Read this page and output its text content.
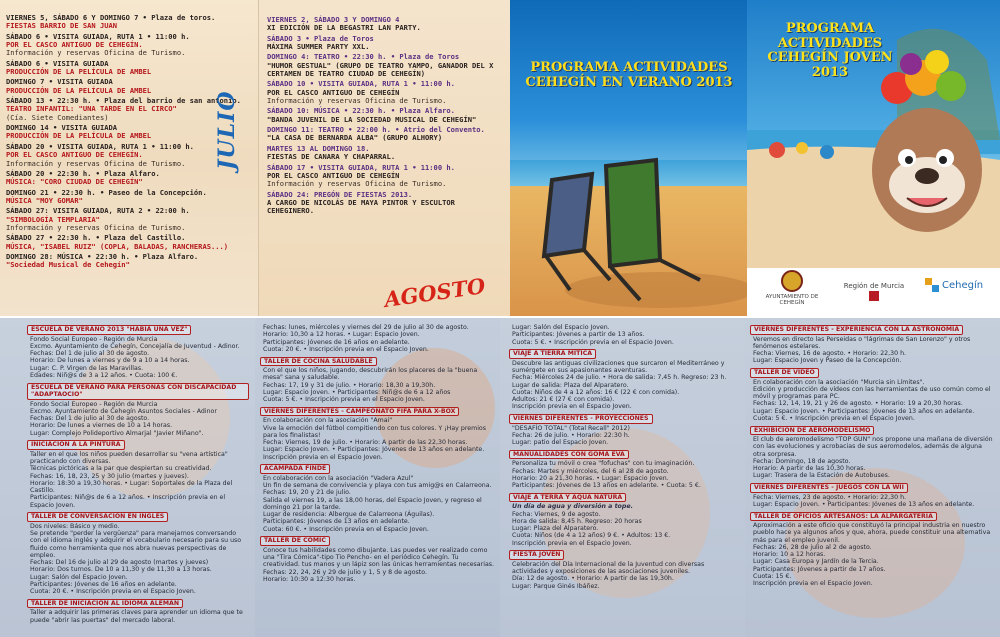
VIERNES 5, SÁBADO 6 Y DOMINGO 7 • Plaza de toros.
FIESTAS BARRIO DE SAN JUAN
SÁBADO 6 • VISITA GUIADA, RUTA 1 • 11:00 h.
POR EL CASCO ANTIGUO DE CEHEGÍN.
Información y reservas Oficina de Turismo.
SÁBADO 6 • VISITA GUIADA
PRODUCCIÓN DE LA PELÍCULA DE AMBEL
DOMINGO 7 • VISITA GUIADA
PRODUCCIÓN DE LA PELÍCULA DE AMBEL
SÁBADO 13 • 22:30 h. • Plaza del barrio de san antonio.
TEATRO INFANTIL: "UNA TARDE EN EL CIRCO"
(Cía. Siete Comediantes)
DOMINGO 14 • VISITA GUIADA
PRODUCCIÓN DE LA PELÍCULA DE AMBEL
SÁBADO 20 • VISITA GUIADA, RUTA 1 • 11:00 h.
POR EL CASCO ANTIGUO DE CEHEGÍN.
Información y reservas Oficina de Turismo.
SÁBADO 20 • 22:30 h. • Plaza Alfaro.
MÚSICA: "CORO CIUDAD DE CEHEGÍN"
DOMINGO 21 • 22:30 h. • Paseo de la Concepción.
MÚSICA "MOY GOMAR"
SÁBADO 27: VISITA GUIADA, RUTA 2 • 22:00 h.
"SIMBOLOGÍA TEMPLARIA"
Información y reservas Oficina de Turismo.
SÁBADO 27 • 22:30 h. • Plaza del Castillo.
MÚSICA, "ISABEL RUIZ" (COPLA, BALADAS, RANCHERAS...)
DOMINGO 28: MÚSICA • 22:30 h. • Plaza Alfaro.
"Sociedad Musical de Cehegín"
VIERNES 2, SÁBADO 3 Y DOMINGO 4
XI EDICIÓN DE LA BEGASTRI LAN PARTY.
SÁBADO 3 • Plaza de Toros
MÁXIMA SUMMER PARTY XXL.
DOMINGO 4: TEATRO • 22:30 h. • Plaza de Toros
"HUMOR GESTUAL" (GRUPO DE TEATRO YAMPO, GANADOR DEL X CERTAMEN DE TEATRO CIUDAD DE CEHEGÍN)
SÁBADO 10 • VISITA GUIADA, RUTA 1 • 11:00 h.
POR EL CASCO ANTIGUO DE CEHEGÍN
Información y reservas Oficina de Turismo.
SÁBADO 10: MÚSICA • 22:30 h. • Plaza Alfaro.
"BANDA JUVENIL DE LA SOCIEDAD MUSICAL DE CEHEGÍN"
DOMINGO 11: TEATRO • 22:00 h. • Atrio del Convento.
"LA CASA DE BERNARDA ALBA" (GRUPO ALHORY)
MARTES 13 AL DOMINGO 18.
FIESTAS DE CANARA Y CHAPARRAL.
SÁBADO 17 • VISITA GUIADA, RUTA 1 • 11:00 h.
POR EL CASCO ANTIGUO DE CEHEGÍN
Información y reservas Oficina de Turismo.
SÁBADO 24: PREGÓN DE FIESTAS 2013.
A CARGO DE NICOLÁS DE MAYA PINTOR Y ESCULTOR CEHEGINERO.
JULIO
AGOSTO
PROGRAMA ACTIVIDADES CEHEGÍN EN VERANO 2013
PROGRAMA ACTIVIDADES CEHEGÍN JOVEN 2013
AYUNTAMIENTO DE CEHEGÍN
Región de Murcia	Cehegín
ESCUELA DE VERANO 2013 "HABÍA UNA VEZ"
Fondo Social Europeo - Región de Murcia
Excmo. Ayuntamiento de Cehegín, Concejalía de Juventud - Adinor.
Fechas: Del 1 de julio al 30 de agosto.
Horario: De lunes a viernes y de 9 a 10 a 14 horas.
Lugar: C. P. Virgen de las Maravillas.
Edades: Niñ@s de 3 a 12 años. • Cuota: 100 €.
ESCUELA DE VERANO PARA PERSONAS CON DISCAPACIDAD "ADAPTAOCIO"
Fondo Social Europeo - Región de Murcia
Excmo. Ayuntamiento de Cehegín Asuntos Sociales - Adinor
Fechas: Del 1 de julio al 30 de agosto.
Horario: De lunes a viernes de 10 a 14 horas.
Lugar: Complejo Polideportivo Almarjal "Javier Miñano".
INICIACIÓN A LA PINTURA
Taller en el que los niños pueden desarrollar su "vena artística" practicando con diversas.
Técnicas pictóricas a la par que despiertan su creatividad.
Fechas: 16, 18, 23, 25 y 30 julio (martes y jueves).
Horario: 18:30 a 19,30 horas. • Lugar: Soportales de la Plaza del Castillo.
Participantes: Niñ@s de 6 a 12 años. • Inscripción previa en el Espacio Joven.
TALLER DE CONVERSACIÓN EN INGLÉS
Dos niveles: Básico y medio.
Se pretende "perder la vergüenza" para manejarnos conversando con el idioma inglés y adquirir el vocabulario necesario para su uso fluido como herramienta que nos abra nuevas perspectivas de empleo.
Fechas: Del 16 de julio al 29 de agosto (martes y jueves)
Horario: Dos turnos. De 10 a 11,30 y de 11,30 a 13 horas.
Lugar: Salón del Espacio Joven.
Participantes: Jóvenes de 16 años en adelante.
Cuota: 20 €. • Inscripción previa en el Espacio Joven.
TALLER DE INICIACIÓN AL IDIOMA ALEMÁN
Taller a adquirir las primeras claves para aprender un idioma que te puede "abrir las puertas" del mercado laboral.
Fechas: lunes, miércoles y viernes del 29 de julio al 30 de agosto.
Horario: 10,30 a 12 horas. • Lugar: Espacio Joven.
Participantes: Jóvenes de 16 años en adelante.
Cuota: 20 €. • Inscripción previa en el Espacio Joven.
TALLER DE COCINA SALUDABLE
Con el que los niños, jugando, descubrirán los placeres de la "buena mesa" sana y saludable.
Fechas: 17, 19 y 31 de julio. • Horario: 18,30 a 19,30h.
Lugar: Espacio Joven. • Participantes: Niñ@s de 6 a 12 años
Cuota: 5 €. • Inscripción previa en el Espacio Joven.
VIERNES DIFERENTES - CAMPEONATO FIFA PARA X-BOX
En colaboración con la asociación "Amai"
Vive la emoción del fútbol compitiendo con tus colores. Y ¡Hay premios para los finalistas!
Fecha: Viernes, 19 de julio. • Horario: A partir de las 22,30 horas.
Lugar: Espacio Joven. • Participantes: Jóvenes de 13 años en adelante.
Inscripción previa en el Espacio Joven.
ACAMPADA FINDE
En colaboración con la asociación "Vadera Azul"
Un fin de semana de convivencia y playa con tus amig@s en Calarreona.
Fechas: 19, 20 y 21 de julio.
Salida el viernes 19, a las 18,00 horas, del Espacio Joven, y regreso el domingo 21 por la tarde.
Lugar de residencia: Albergue de Calarreona (Águilas).
Participantes: Jóvenes de 13 años en adelante.
Cuota: 60 €. • Inscripción previa en el Espacio Joven.
TALLER DE CÓMIC
Conoce tus habilidades como dibujante. Las puedes ver realizado como una "Tira Cómica"-tipo Tio Pencho- en el periódico Cehegín. Tu creatividad. tus manos y un lápiz son las únicas herramientas necesarias.
Fechas: 22, 24, 26 y 29 de julio y 1, 5 y 8 de agosto.
Horario: 10:30 a 12:30 horas.
Lugar: Salón del Espacio Joven.
Participantes: Jóvenes a partir de 13 años.
Cuota: 5 €. • Inscripción previa en el Espacio Joven.
VIAJE A TIERRA MÍTICA
Descubre las antiguas civilizaciones que surcaron el Mediterráneo y sumérgete en sus apasionantes aventuras.
Fecha: Miércoles 24 de julio. • Hora de salida: 7,45 h. Regreso: 23 h.
Lugar de salida: Plaza del Alparatero.
Cuota: Niños de 4 a 12 años: 16 € (22 € con comida).
Adultos: 21 € (27 € con comida).
Inscripción previa en el Espacio Joven.
VIERNES DIFERENTES - PROYECCIONES
"DESAFÍO TOTAL" (Total Recall" 2012)
Fecha: 26 de julio. • Horario: 22:30 h.
Lugar: patio del Espacio Joven.
MANUALIDADES CON GOMA EVA
Personaliza tu móvil o crea "fofuchas" con tu imaginación.
Fechas: Martes y miércoles, del 6 al 28 de agosto.
Horario: 20 a 21,30 horas. • Lugar: Espacio Joven.
Participantes: Jóvenes de 13 años en adelante. • Cuota: 5 €.
VIAJE A TERRA Y AQUA NATURA
Un día de agua y diversión a tope.
Fecha: Viernes, 9 de agosto.
Hora de salida: 8,45 h. Regreso: 20 horas
Lugar: Plaza del Alparatero.
Cuota: Niños (de 4 a 12 años) 9 €. • Adultos: 13 €.
Inscripción previa en el Espacio Joven.
FIESTA JOVEN
Celebración del Día Internacional de la Juventud con diversas actividades y exposiciones de las asociaciones juveniles.
Día: 12 de agosto. • Horario: A partir de las 19,30h.
Lugar: Parque Ginés Ibáñez.
VIERNES DIFERENTES - EXPERIENCIA CON LA ASTRONOMÍA
Veremos en directo las Perseidas o "lágrimas de San Lorenzo" y otros fenómenos estelares.
Fecha: Viernes, 16 de agosto. • Horario: 22,30 h.
Lugar: Espacio Joven y Paseo de la Concepción.
TALLER DE VÍDEO
En colaboración con la asociación "Murcia sin Límites".
Edición y producción de vídeos con las herramientas de uso común como el móvil y programas para PC.
Fechas: 12, 14, 19, 21 y 26 de agosto. • Horario: 19 a 20,30 horas.
Lugar: Espacio Joven. • Participantes: Jóvenes de 13 años en adelante.
Cuota: 5 €. • Inscripción previa en el Espacio Joven.
EXHIBICIÓN DE AEROMODELISMO
El club de aeromodelismo "TOP GUN" nos propone una mañana de diversión con las evoluciones y acrobacias de sus aeromodelos, además de alguna otra sorpresa.
Fecha: Domingo, 18 de agosto.
Horario: A partir de las 10,30 horas.
Lugar: Trasera de la Estación de Autobuses.
VIERNES DIFERENTES - JUEGOS CON LA WII
Fecha: Viernes, 23 de agosto. • Horario: 22,30 h.
Lugar: Espacio Joven. • Participantes: Jóvenes de 13 años en adelante.
TALLER DE OFICIOS ARTESANOS: LA ALPARGATERÍA
Aproximación a este oficio que constituyó la principal industria en nuestro pueblo hace ya algunos años y que, ahora, puede constituir una alternativa más para el empleo juvenil.
Fechas: 26, 28 de julio al 2 de agosto.
Horario: 10 a 12 horas.
Lugar: Casa Europa y Jardín de la Tercia.
Participantes: Jóvenes a partir de 17 años.
Cuota: 15 €.
Inscripción previa en el Espacio Joven.
